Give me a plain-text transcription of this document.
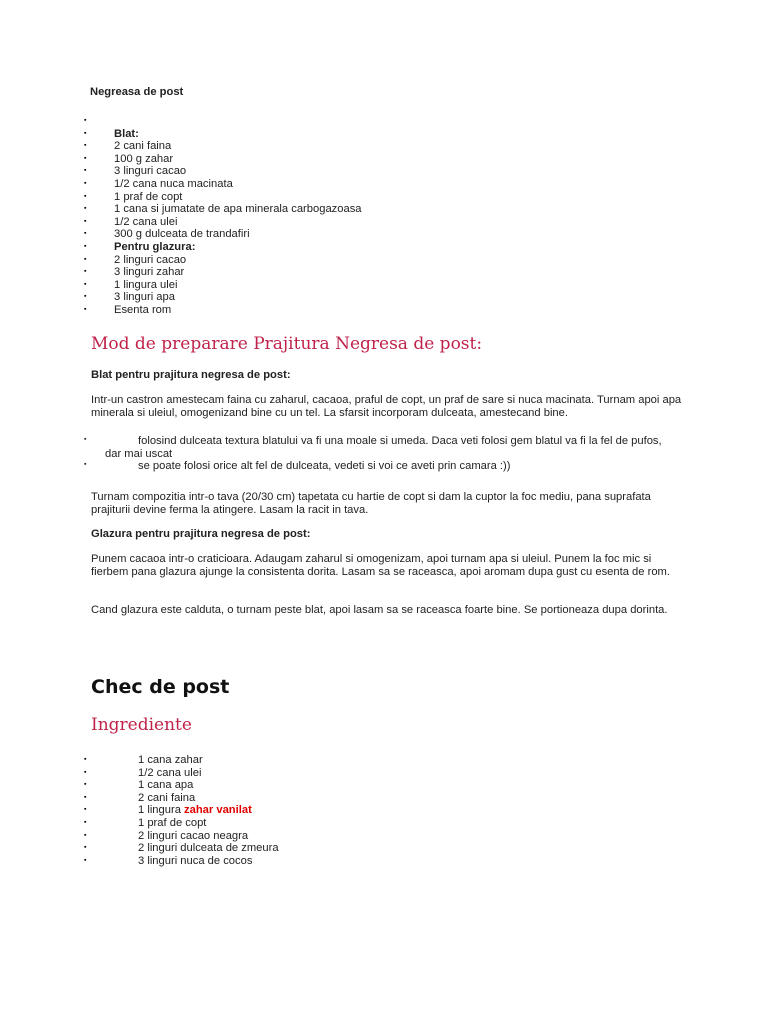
Negreasa de post
▪
▪ Blat:
▪ 2 cani faina
▪ 100 g zahar
▪ 3 linguri cacao
▪ 1/2 cana nuca macinata
▪ 1 praf de copt
▪ 1 cana si jumatate de apa minerala carbogazoasa
▪ 1/2 cana ulei
▪ 300 g dulceata de trandafiri
▪ Pentru glazura:
▪ 2 linguri cacao
▪ 3 linguri zahar
▪ 1 lingura ulei
▪ 3 linguri apa
▪ Esenta rom
Mod de preparare Prajitura Negresa de post:
Blat pentru prajitura negresa de post:
Intr-un castron amestecam faina cu zaharul, cacaoa, praful de copt, un praf de sare si nuca macinata. Turnam apoi apa minerala si uleiul, omogenizand bine cu un tel. La sfarsit incorporam dulceata, amestecand bine.
▪	folosind dulceata textura blatului va fi una moale si umeda. Daca veti folosi gem blatul va fi la fel de pufos, dar mai uscat
▪	se poate folosi orice alt fel de dulceata, vedeti si voi ce aveti prin camara :))
Turnam compozitia intr-o tava (20/30 cm) tapetata cu hartie de copt si dam la cuptor la foc mediu, pana suprafata prajiturii devine ferma la atingere. Lasam la racit in tava.
Glazura pentru prajitura negresa de post:
Punem cacaoa intr-o craticioara. Adaugam zaharul si omogenizam, apoi turnam apa si uleiul. Punem la foc mic si fierbem pana glazura ajunge la consistenta dorita. Lasam sa se raceasca, apoi aromam dupa gust cu esenta de rom.
Cand glazura este calduta, o turnam peste blat, apoi lasam sa se raceasca foarte bine. Se portioneaza dupa dorinta.
Chec de post
Ingrediente
▪	1 cana zahar
▪	1/2 cana ulei
▪	1 cana apa
▪	2 cani faina
▪	1 lingura zahar vanilat
▪	1 praf de copt
▪	2 linguri cacao neagra
▪	2 linguri dulceata de zmeura
▪	3 linguri nuca de cocos
